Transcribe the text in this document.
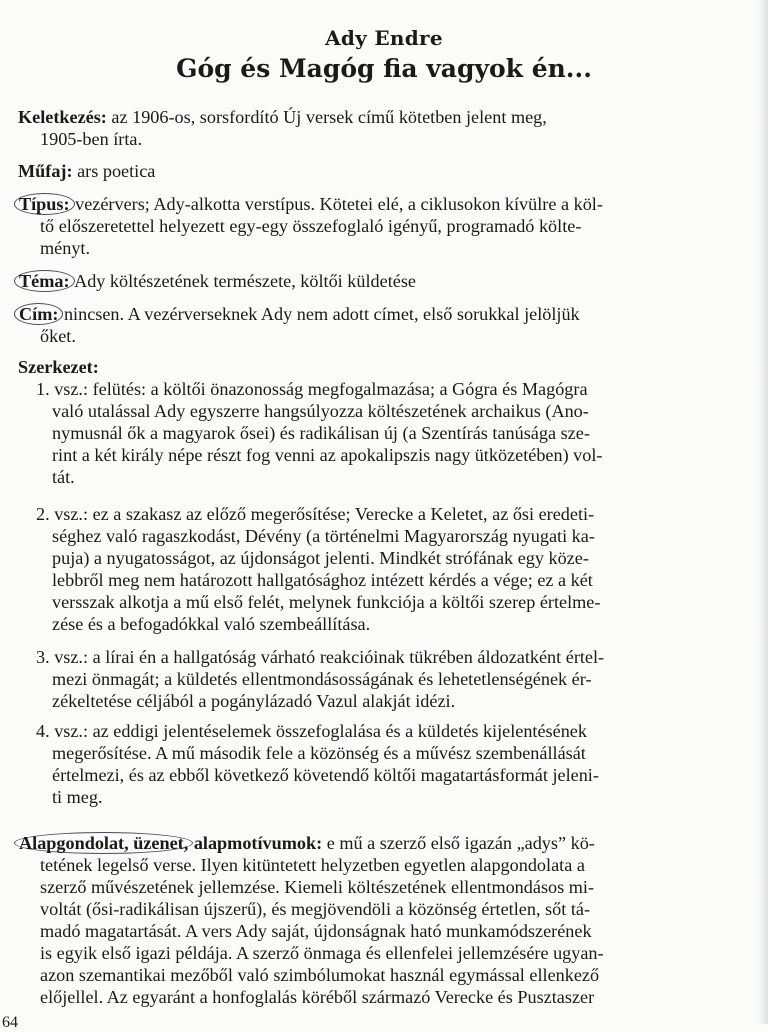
Ady Endre
Góg és Magóg fia vagyok én...
Keletkezés: az 1906-os, sorsfordító Új versek című kötetben jelent meg,
1905-ben írta.
Műfaj: ars poetica
Típus: vezérvers; Ady-alkotta verstípus. Kötetei elé, a ciklusokon kívülre a köl-
tő előszeretettel helyezett egy-egy összefoglaló igényű, programadó költe-
ményt.
Téma: Ady költészetének természete, költői küldetése
Cím: nincsen. A vezérverseknek Ady nem adott címet, első sorukkal jelöljük
őket.
Szerkezet:
1. vsz.: felütés: a költői önazonosság megfogalmazása; a Gógra és Magógra
való utalással Ady egyszerre hangsúlyozza költészetének archaikus (Ano-
nymusnál ők a magyarok ősei) és radikálisan új (a Szentírás tanúsága sze-
rint a két király népe részt fog venni az apokalipszis nagy ütközetében) vol-
tát.
2. vsz.: ez a szakasz az előző megerősítése; Verecke a Keletet, az ősi eredeti-
séghez való ragaszkodást, Dévény (a történelmi Magyarország nyugati ka-
puja) a nyugatosságot, az újdonságot jelenti. Mindkét strófának egy köze-
lebbről meg nem határozott hallgatósághoz intézett kérdés a vége; ez a két
versszak alkotja a mű első felét, melynek funkciója a költői szerep értelme-
zése és a befogadókkal való szembeállítása.
3. vsz.: a lírai én a hallgatóság várható reakcióinak tükrében áldozatként értel-
mezi önmagát; a küldetés ellentmondásosságának és lehetetlenségének ér-
zékeltetése céljából a pogánylázadó Vazul alakját idézi.
4. vsz.: az eddigi jelentéselemek összefoglalása és a küldetés kijelentésének
megerősítése. A mű második fele a közönség és a művész szembenállását
értelmezi, és az ebből következő követendő költői magatartásformát jeleni-
ti meg.
Alapgondolat, üzenet, alapmotívumok: e mű a szerző első igazán „adys” kö-
tetének legelső verse. Ilyen kitüntetett helyzetben egyetlen alapgondolata a
szerző művészetének jellemzése. Kiemeli költészetének ellentmondásos mi-
voltát (ősi-radikálisan újszerű), és megjövendöli a közönség értetlen, sőt tá-
madó magatartását. A vers Ady saját, újdonságnak ható munkamódszerének
is egyik első igazi példája. A szerző önmaga és ellenfelei jellemzésére ugyan-
azon szemantikai mezőből való szimbólumokat használ egymással ellenkező
előjellel. Az egyaránt a honfoglalás köréből származó Verecke és Pusztaszer
64
